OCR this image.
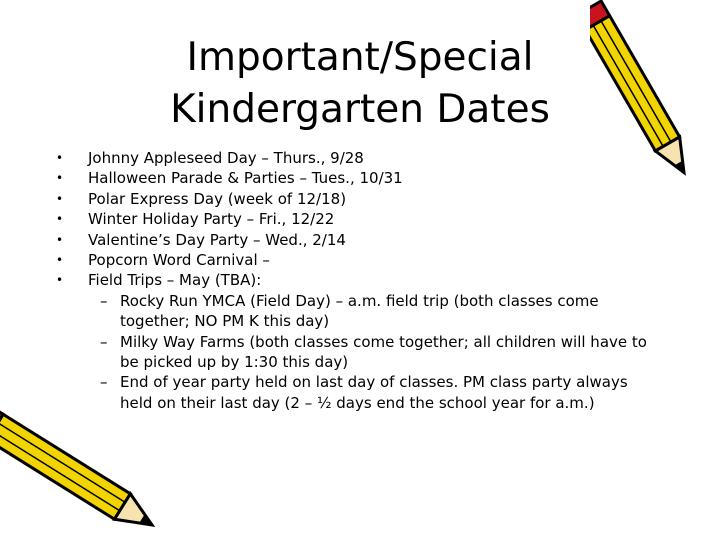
Important/Special
Kindergarten Dates
• Johnny Appleseed Day – Thurs., 9/28
• Halloween Parade & Parties – Tues., 10/31
• Polar Express Day (week of 12/18)
• Winter Holiday Party – Fri., 12/22
• Valentine’s Day Party – Wed., 2/14
• Popcorn Word Carnival –
• Field Trips – May (TBA):
– Rocky Run YMCA (Field Day) – a.m. field trip (both classes come together; NO PM K this day)
– Milky Way Farms (both classes come together; all children will have to be picked up by 1:30 this day)
– End of year party held on last day of classes. PM class party always held on their last day (2 – ½ days end the school year for a.m.)
